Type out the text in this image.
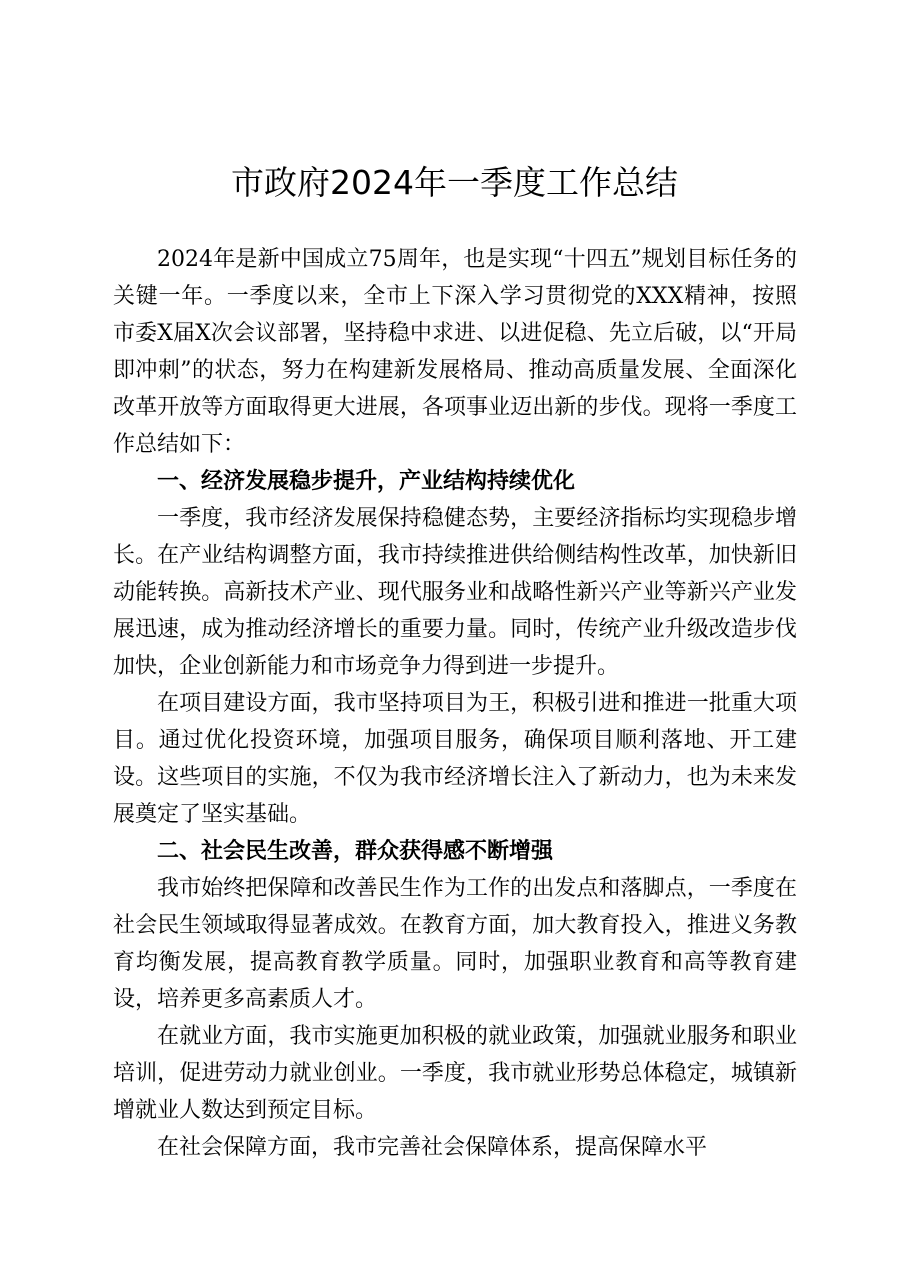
市政府2024年一季度工作总结

2024年是新中国成立75周年，也是实现“十四五”规划目标任务的关键一年。一季度以来，全市上下深入学习贯彻党的XXX精神，按照市委X届X次会议部署，坚持稳中求进、以进促稳、先立后破，以“开局即冲刺”的状态，努力在构建新发展格局、推动高质量发展、全面深化改革开放等方面取得更大进展，各项事业迈出新的步伐。现将一季度工作总结如下：

一、经济发展稳步提升，产业结构持续优化

一季度，我市经济发展保持稳健态势，主要经济指标均实现稳步增长。在产业结构调整方面，我市持续推进供给侧结构性改革，加快新旧动能转换。高新技术产业、现代服务业和战略性新兴产业等新兴产业发展迅速，成为推动经济增长的重要力量。同时，传统产业升级改造步伐加快，企业创新能力和市场竞争力得到进一步提升。

在项目建设方面，我市坚持项目为王，积极引进和推进一批重大项目。通过优化投资环境，加强项目服务，确保项目顺利落地、开工建设。这些项目的实施，不仅为我市经济增长注入了新动力，也为未来发展奠定了坚实基础。

二、社会民生改善，群众获得感不断增强

我市始终把保障和改善民生作为工作的出发点和落脚点，一季度在社会民生领域取得显著成效。在教育方面，加大教育投入，推进义务教育均衡发展，提高教育教学质量。同时，加强职业教育和高等教育建设，培养更多高素质人才。

在就业方面，我市实施更加积极的就业政策，加强就业服务和职业培训，促进劳动力就业创业。一季度，我市就业形势总体稳定，城镇新增就业人数达到预定目标。

在社会保障方面，我市完善社会保障体系，提高保障水平
